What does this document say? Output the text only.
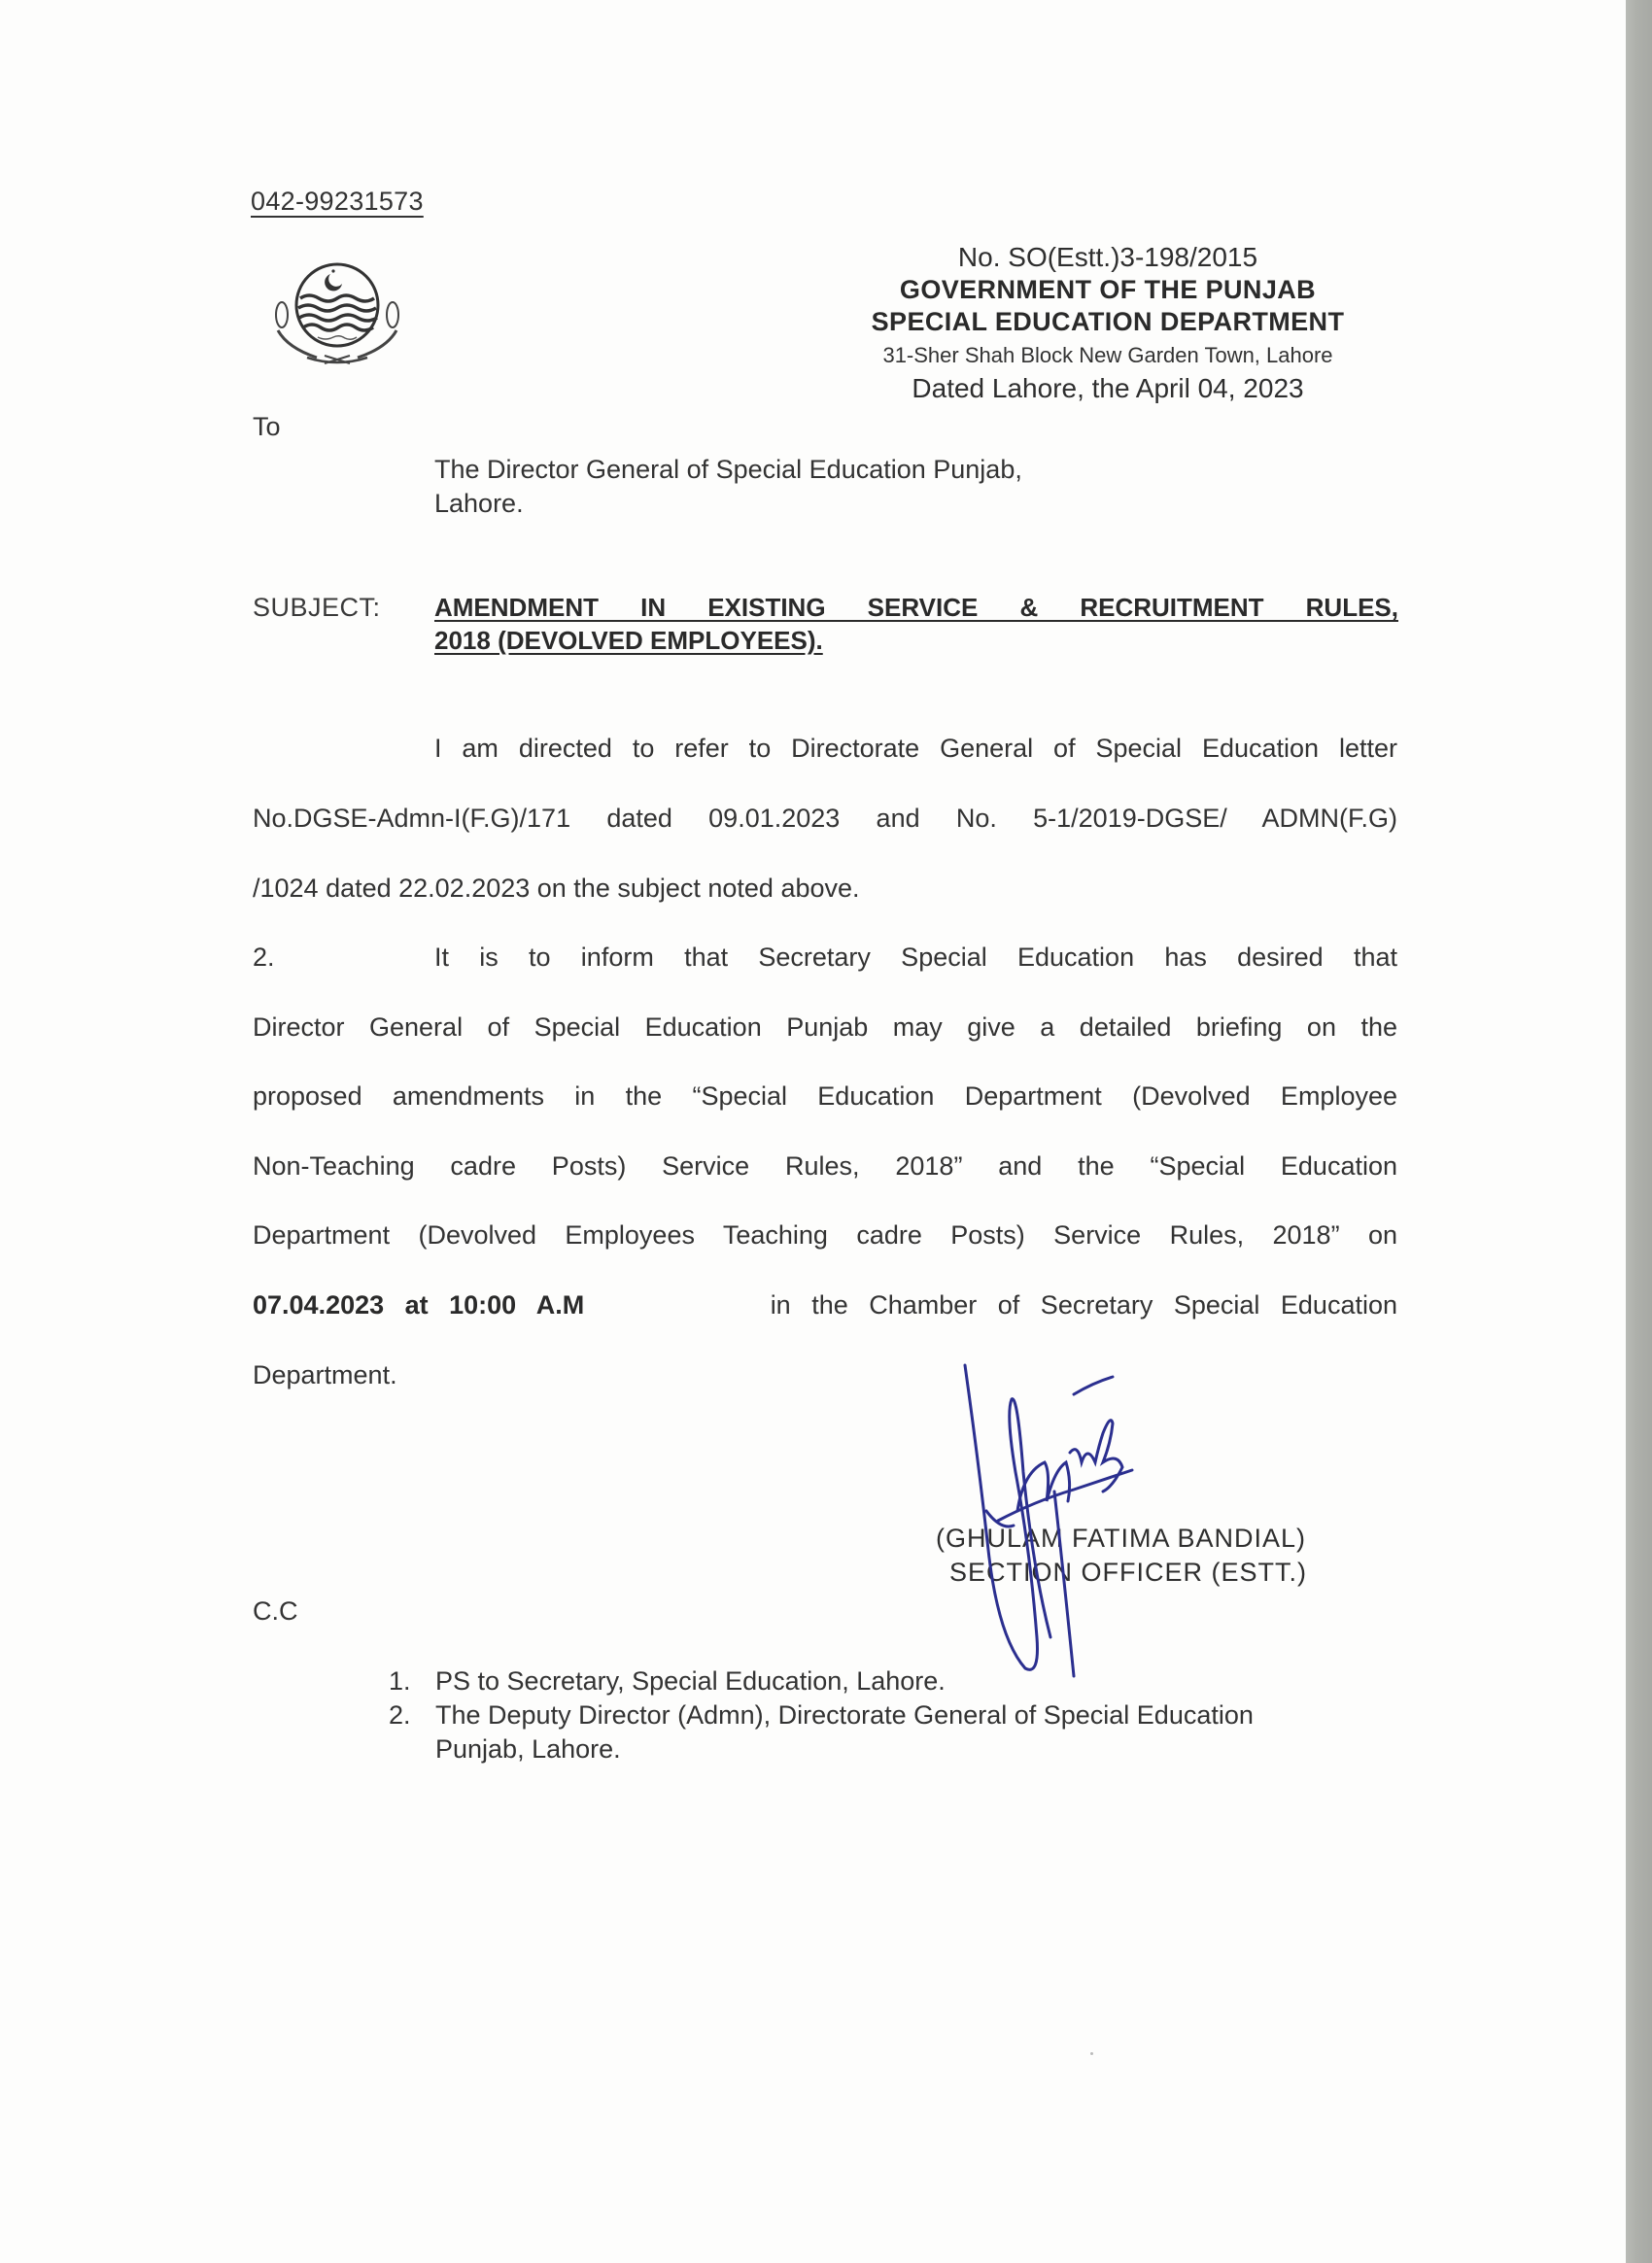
042-99231573
No. SO(Estt.)3-198/2015
GOVERNMENT OF THE PUNJAB
SPECIAL EDUCATION DEPARTMENT
31-Sher Shah Block New Garden Town, Lahore
Dated Lahore, the April 04, 2023
To
The Director General of Special Education Punjab,
Lahore.
SUBJECT: AMENDMENT IN EXISTING SERVICE & RECRUITMENT RULES,
2018 (DEVOLVED EMPLOYEES).
I am directed to refer to Directorate General of Special Education letter
No.DGSE-Admn-I(F.G)/171 dated 09.01.2023 and No. 5-1/2019-DGSE/ ADMN(F.G)
/1024 dated 22.02.2023 on the subject noted above.
2.	It is to inform that Secretary Special Education has desired that
Director General of Special Education Punjab may give a detailed briefing on the
proposed amendments in the “Special Education Department (Devolved Employee
Non-Teaching cadre Posts) Service Rules, 2018” and the “Special Education
Department (Devolved Employees Teaching cadre Posts) Service Rules, 2018” on
07.04.2023 at 10:00 A.M	in the Chamber of Secretary Special Education
Department.
(GHULAM FATIMA BANDIAL)
SECTION OFFICER (ESTT.)
C.C
1. PS to Secretary, Special Education, Lahore.
2. The Deputy Director (Admn), Directorate General of Special Education
Punjab, Lahore.
